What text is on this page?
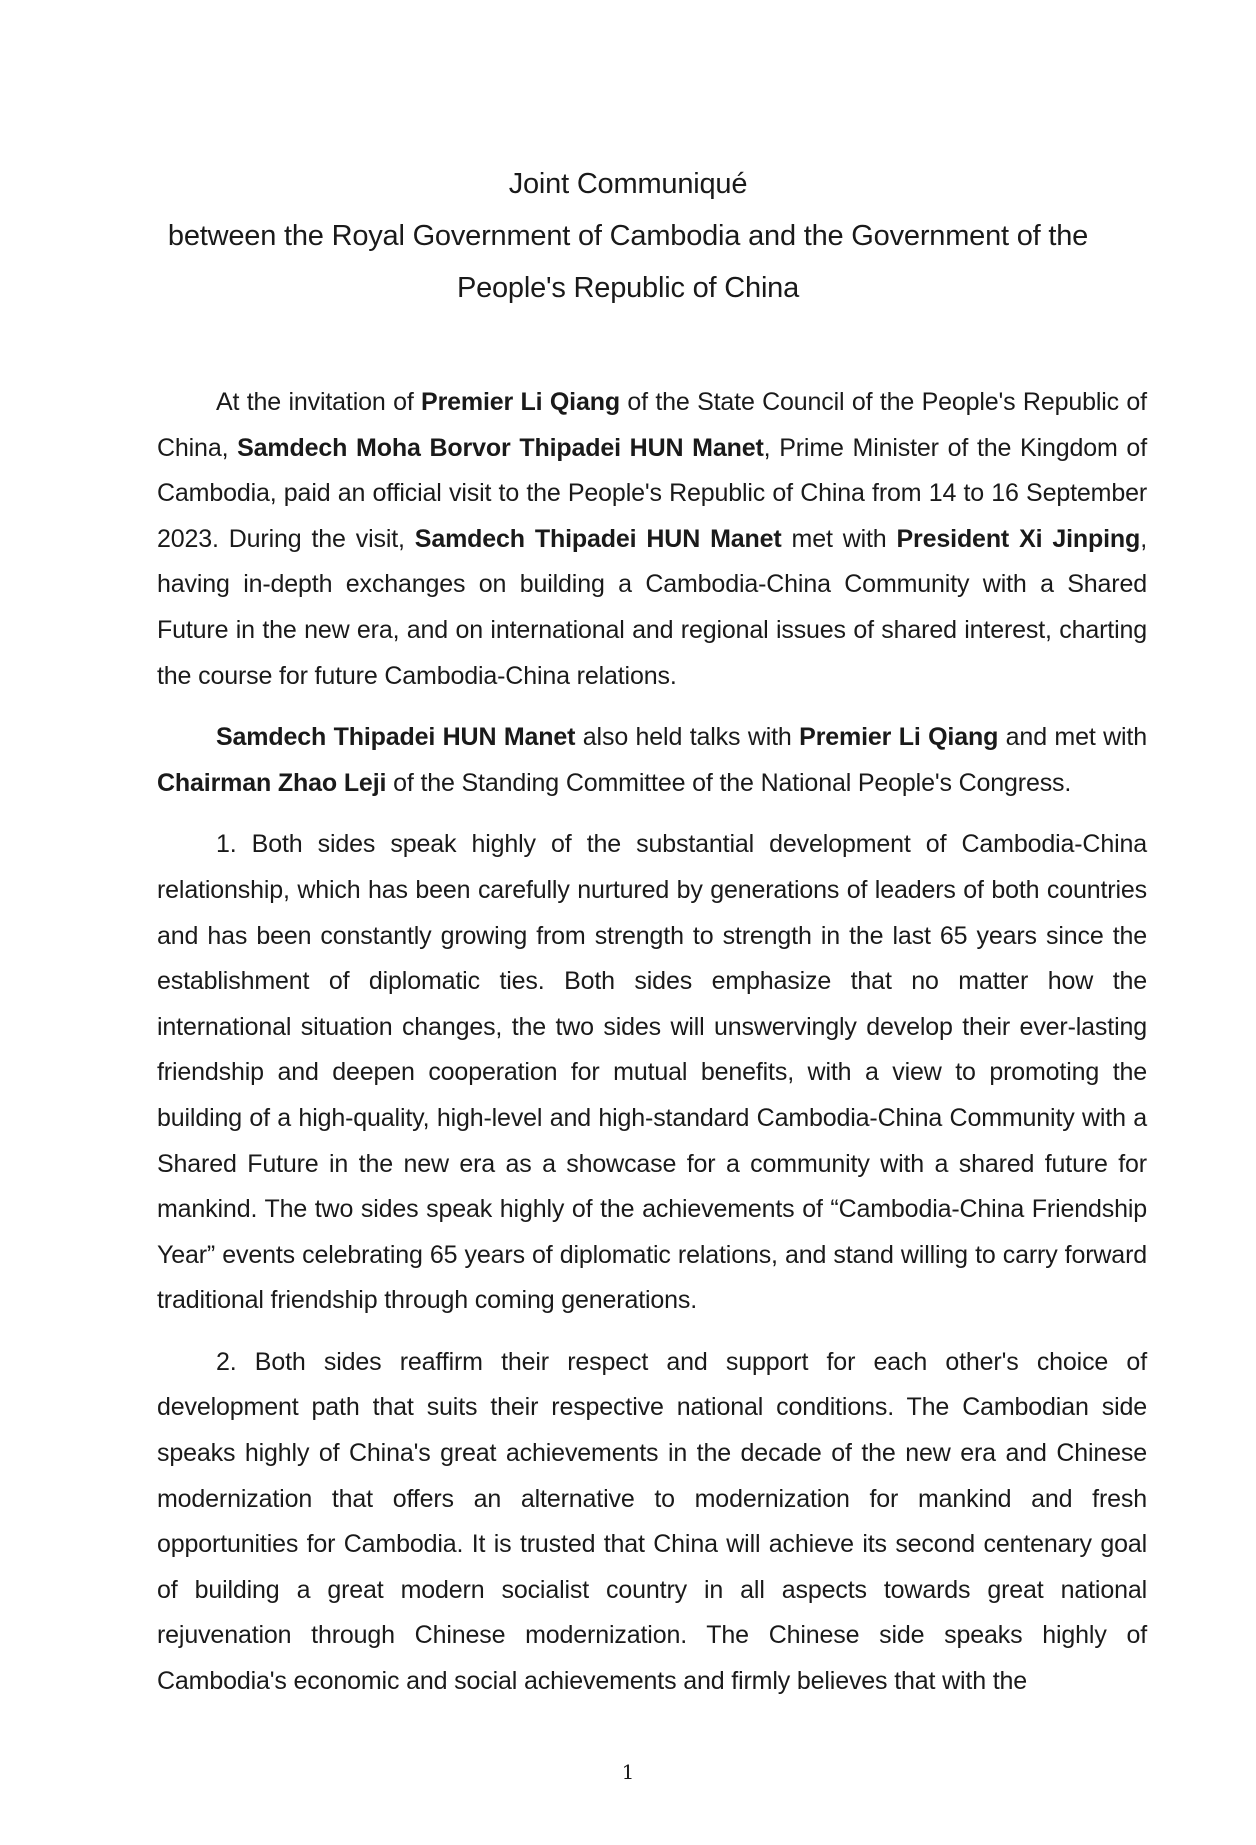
Joint Communiqué
between the Royal Government of Cambodia and the Government of the
People's Republic of China

At the invitation of Premier Li Qiang of the State Council of the People's Republic of China, Samdech Moha Borvor Thipadei HUN Manet, Prime Minister of the Kingdom of Cambodia, paid an official visit to the People's Republic of China from 14 to 16 September 2023. During the visit, Samdech Thipadei HUN Manet met with President Xi Jinping, having in-depth exchanges on building a Cambodia-China Community with a Shared Future in the new era, and on international and regional issues of shared interest, charting the course for future Cambodia-China relations.

Samdech Thipadei HUN Manet also held talks with Premier Li Qiang and met with Chairman Zhao Leji of the Standing Committee of the National People's Congress.

1. Both sides speak highly of the substantial development of Cambodia-China relationship, which has been carefully nurtured by generations of leaders of both countries and has been constantly growing from strength to strength in the last 65 years since the establishment of diplomatic ties. Both sides emphasize that no matter how the international situation changes, the two sides will unswervingly develop their ever-lasting friendship and deepen cooperation for mutual benefits, with a view to promoting the building of a high-quality, high-level and high-standard Cambodia-China Community with a Shared Future in the new era as a showcase for a community with a shared future for mankind. The two sides speak highly of the achievements of “Cambodia-China Friendship Year” events celebrating 65 years of diplomatic relations, and stand willing to carry forward traditional friendship through coming generations.

2. Both sides reaffirm their respect and support for each other's choice of development path that suits their respective national conditions. The Cambodian side speaks highly of China's great achievements in the decade of the new era and Chinese modernization that offers an alternative to modernization for mankind and fresh opportunities for Cambodia. It is trusted that China will achieve its second centenary goal of building a great modern socialist country in all aspects towards great national rejuvenation through Chinese modernization. The Chinese side speaks highly of Cambodia's economic and social achievements and firmly believes that with the

1
